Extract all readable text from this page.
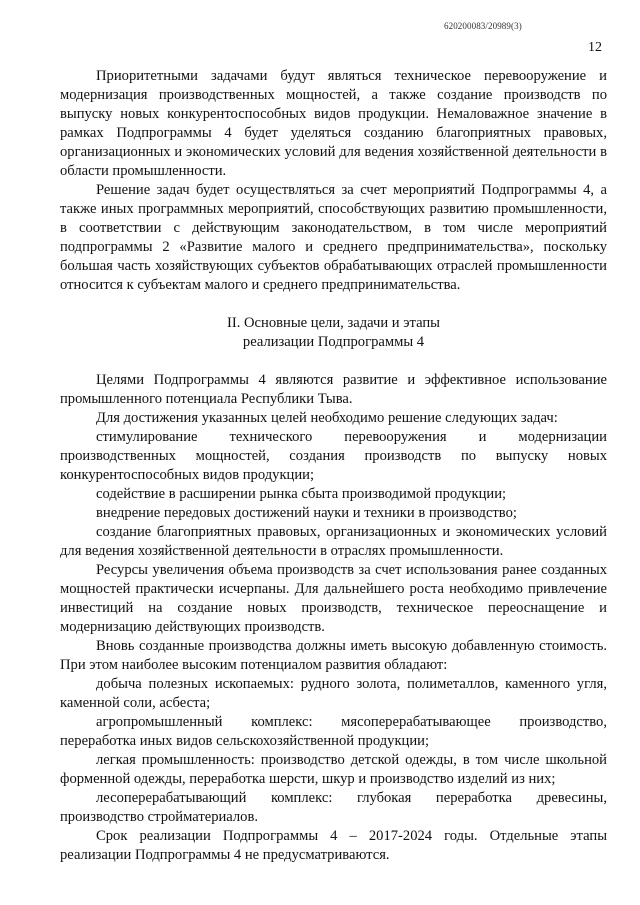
620200083/20989(3)
12

Приоритетными задачами будут являться техническое перевооружение и модернизация производственных мощностей, а также создание производств по выпуску новых конкурентоспособных видов продукции. Немаловажное значение в рамках Подпрограммы 4 будет уделяться созданию благоприятных правовых, организационных и экономических условий для ведения хозяйственной деятельности в области промышленности.

Решение задач будет осуществляться за счет мероприятий Подпрограммы 4, а также иных программных мероприятий, способствующих развитию промышленности, в соответствии с действующим законодательством, в том числе мероприятий подпрограммы 2 «Развитие малого и среднего предпринимательства», поскольку большая часть хозяйствующих субъектов обрабатывающих отраслей промышленности относится к субъектам малого и среднего предпринимательства.

II. Основные цели, задачи и этапы
реализации Подпрограммы 4

Целями Подпрограммы 4 являются развитие и эффективное использование промышленного потенциала Республики Тыва.

Для достижения указанных целей необходимо решение следующих задач:

стимулирование технического перевооружения и модернизации производственных мощностей, создания производств по выпуску новых конкурентоспособных видов продукции;

содействие в расширении рынка сбыта производимой продукции;

внедрение передовых достижений науки и техники в производство;

создание благоприятных правовых, организационных и экономических условий для ведения хозяйственной деятельности в отраслях промышленности.

Ресурсы увеличения объема производств за счет использования ранее созданных мощностей практически исчерпаны. Для дальнейшего роста необходимо привлечение инвестиций на создание новых производств, техническое переоснащение и модернизацию действующих производств.

Вновь созданные производства должны иметь высокую добавленную стоимость. При этом наиболее высоким потенциалом развития обладают:

добыча полезных ископаемых: рудного золота, полиметаллов, каменного угля, каменной соли, асбеста;

агропромышленный комплекс: мясоперерабатывающее производство, переработка иных видов сельскохозяйственной продукции;

легкая промышленность: производство детской одежды, в том числе школьной форменной одежды, переработка шерсти, шкур и производство изделий из них;

лесоперерабатывающий комплекс: глубокая переработка древесины, производство стройматериалов.

Срок реализации Подпрограммы 4 – 2017-2024 годы. Отдельные этапы реализации Подпрограммы 4 не предусматриваются.
